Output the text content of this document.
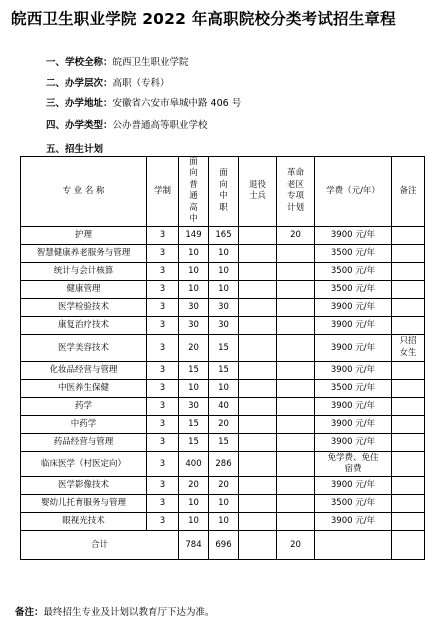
皖西卫生职业学院 2022 年高职院校分类考试招生章程
一、学校全称：皖西卫生职业学院
二、办学层次：高职（专科）
三、办学地址：安徽省六安市皋城中路 406 号
四、办学类型：公办普通高等职业学校
五、招生计划
专 业 名 称	学制	面向普通高中	面向中职	退役士兵	革命老区专项计划	学费（元/年）	备注
护理	3	149	165		20	3900 元/年	
智慧健康养老服务与管理	3	10	10			3500 元/年	
统计与会计核算	3	10	10			3500 元/年	
健康管理	3	10	10			3500 元/年	
医学检验技术	3	30	30			3900 元/年	
康复治疗技术	3	30	30			3900 元/年	
医学美容技术	3	20	15			3900 元/年	只招女生
化妆品经营与管理	3	15	15			3900 元/年	
中医养生保健	3	10	10			3500 元/年	
药学	3	30	40			3900 元/年	
中药学	3	15	20			3900 元/年	
药品经营与管理	3	15	15			3900 元/年	
临床医学（村医定向）	3	400	286			免学费、免住宿费	
医学影像技术	3	20	20			3900 元/年	
婴幼儿托育服务与管理	3	10	10			3500 元/年	
眼视光技术	3	10	10			3900 元/年	
合计		784	696		20		
备注：最终招生专业及计划以教育厅下达为准。
